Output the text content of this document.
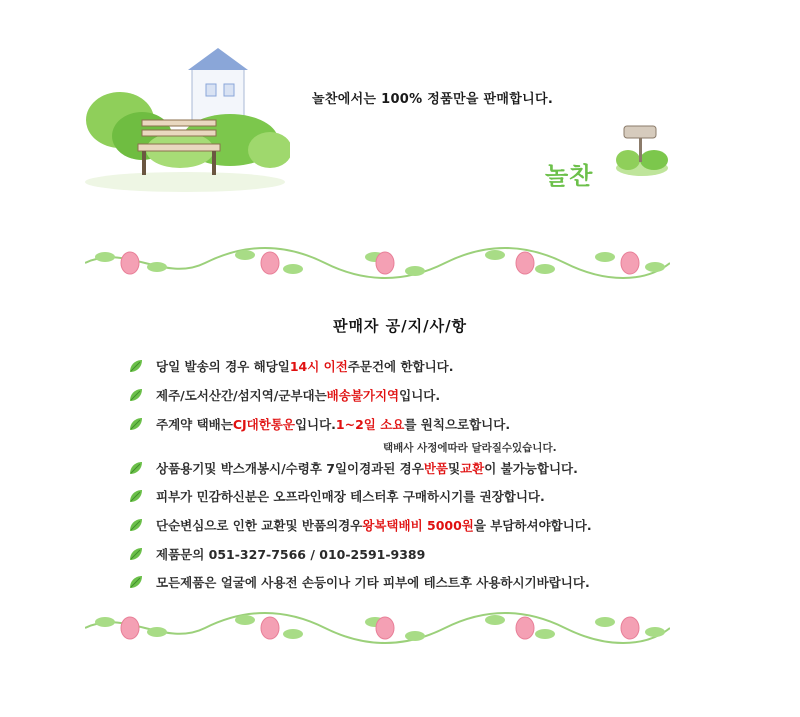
놀찬에서는 100% 정품만을 판매합니다.
놀찬
판매자 공/지/사/항
당일 발송의 경우 해당일 14시 이전 주문건에 한합니다.
제주/도서산간/섬지역/군부대는 배송불가지역 입니다.
주계약 택배는 CJ대한통운 입니다. 1~2일 소요 를 원칙으로합니다.
상품용기및 박스개봉시/수령후 7일이경과된 경우 반품 및 교환 이 불가능합니다.
피부가 민감하신분은 오프라인매장 테스터후 구매하시기를 권장합니다.
단순변심으로 인한 교환및 반품의경우 왕복택배비 5000원 을 부담하셔야합니다.
제품문의 051-327-7566 / 010-2591-9389
모든제품은 얼굴에 사용전 손등이나 기타 피부에 테스트후 사용하시기바랍니다.
택배사 사정에따라 달라질수있습니다.
